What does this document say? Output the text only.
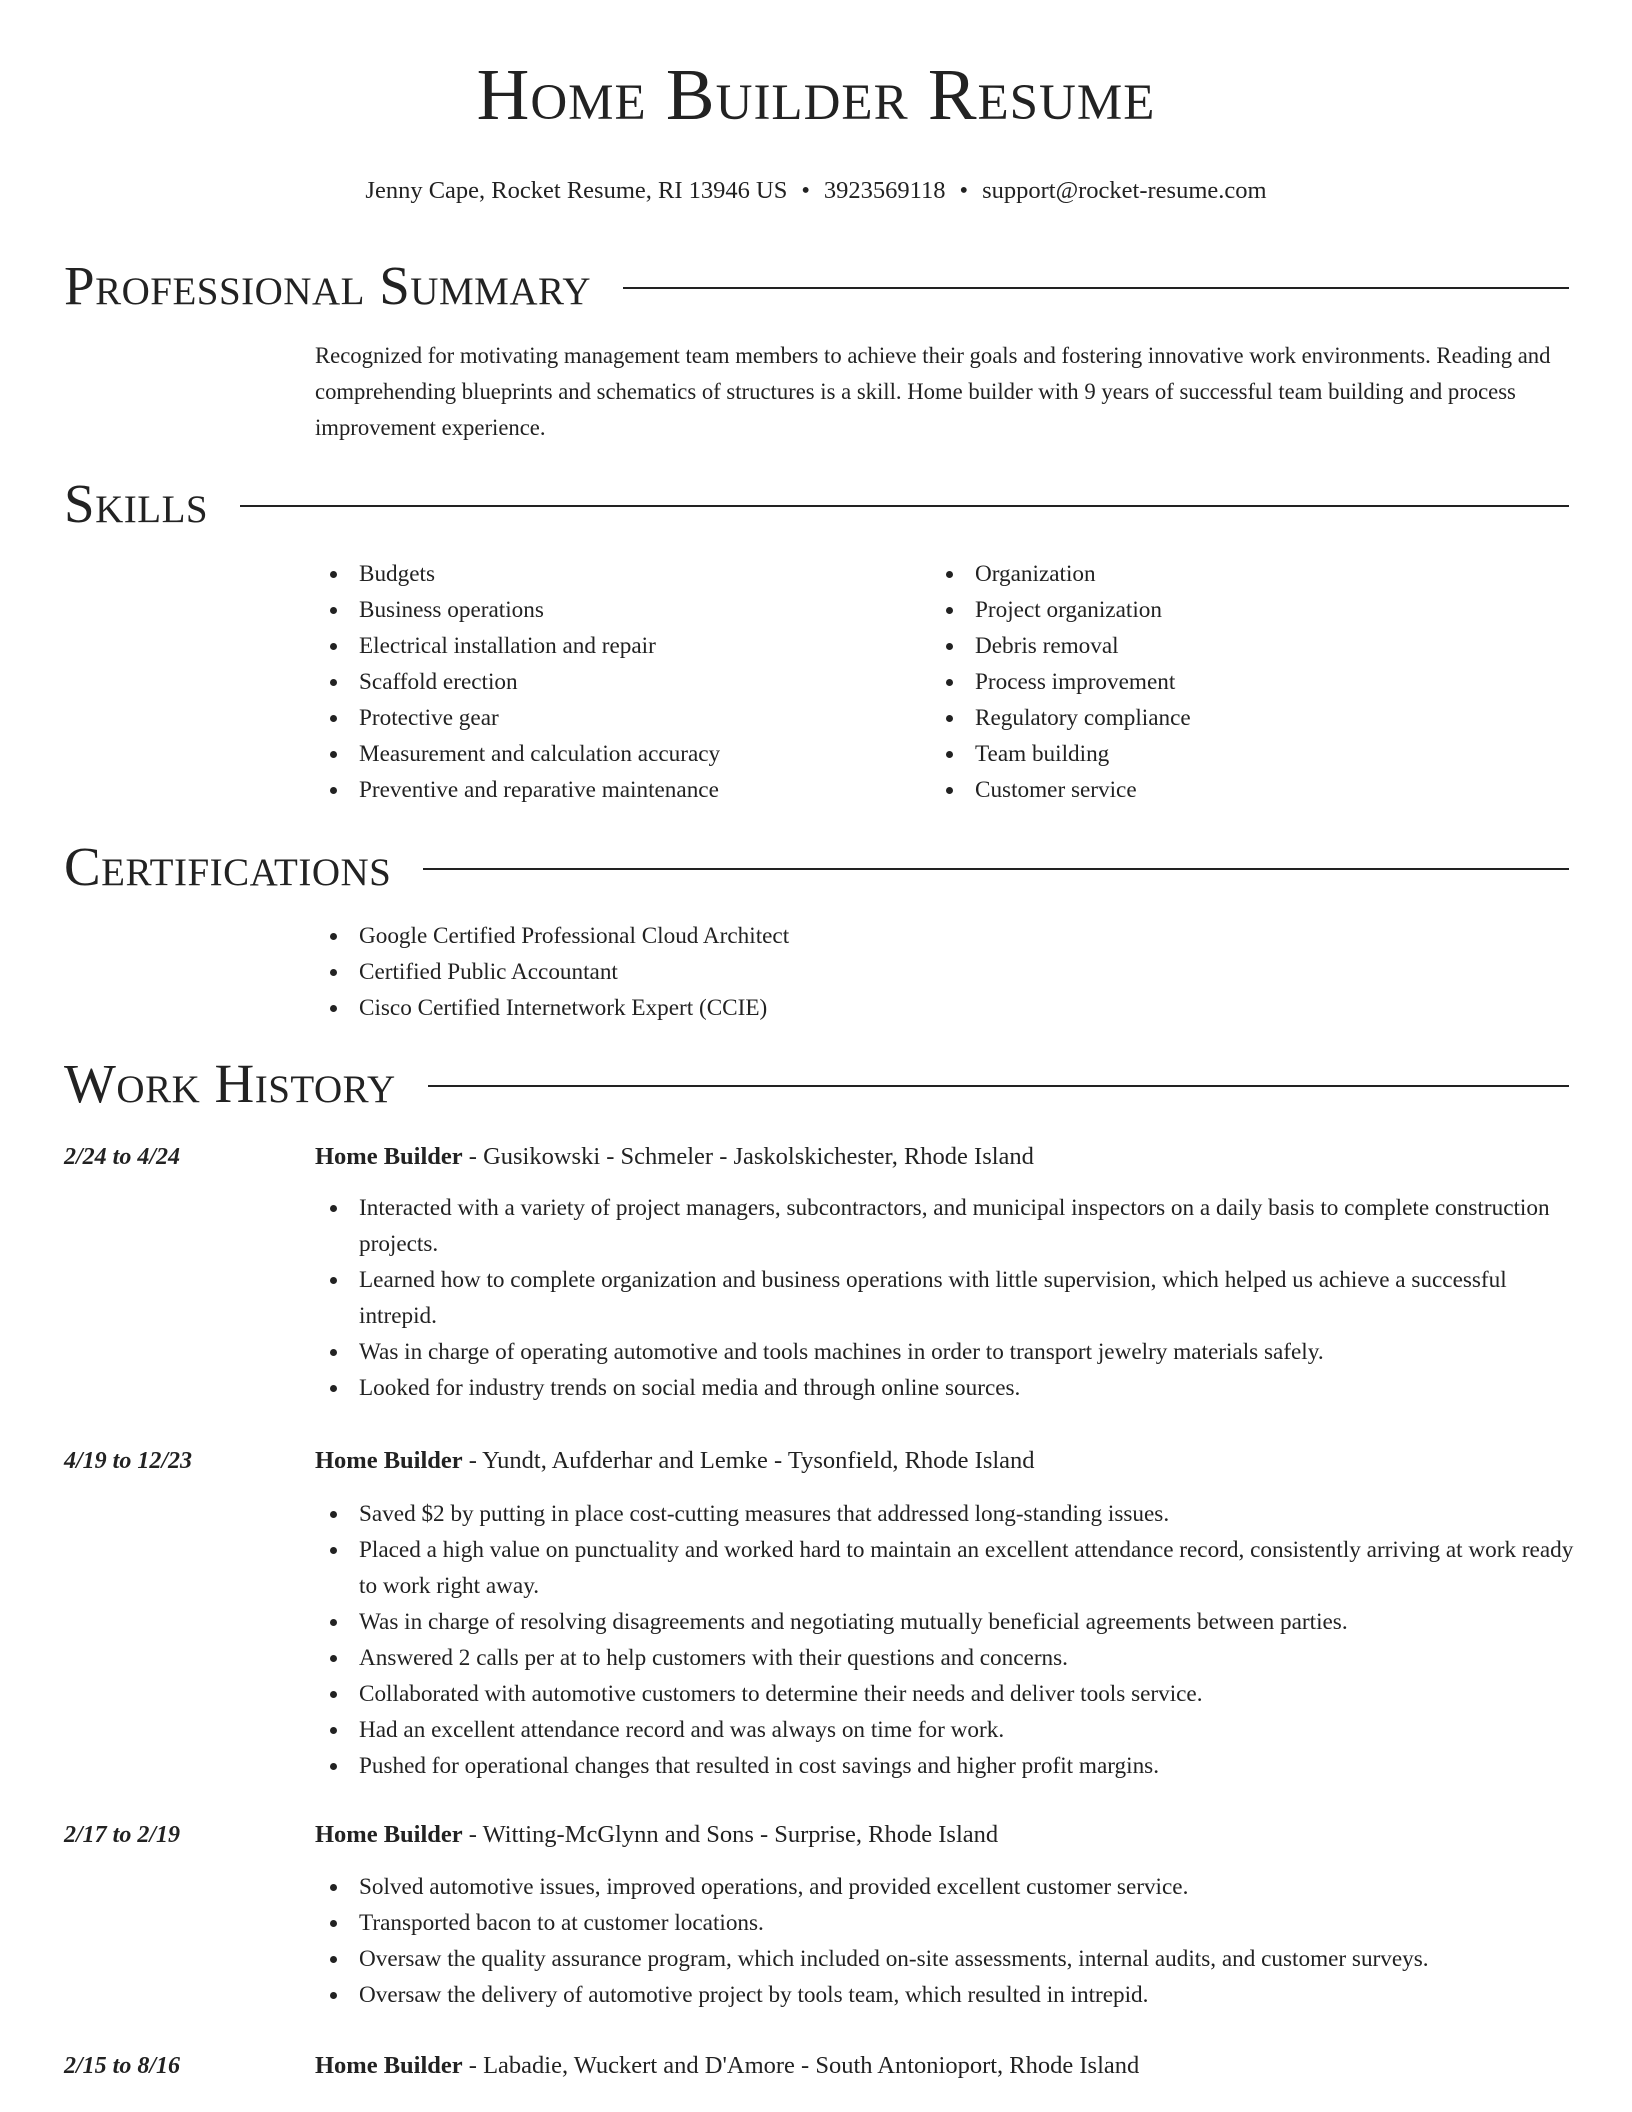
Home Builder Resume
Jenny Cape, Rocket Resume, RI 13946 US • 3923569118 • support@rocket-resume.com
Professional Summary

Recognized for motivating management team members to achieve their goals and fostering innovative work environments. Reading and comprehending blueprints and schematics of structures is a skill. Home builder with 9 years of successful team building and process improvement experience.

Skills
Budgets
Business operations
Electrical installation and repair
Scaffold erection
Protective gear
Measurement and calculation accuracy
Preventive and reparative maintenance
Organization
Project organization
Debris removal
Process improvement
Regulatory compliance
Team building
Customer service
Certifications
Google Certified Professional Cloud Architect
Certified Public Accountant
Cisco Certified Internetwork Expert (CCIE)
Work History
2/24 to 4/24	Home Builder - Gusikowski - Schmeler - Jaskolskichester, Rhode Island
Interacted with a variety of project managers, subcontractors, and municipal inspectors on a daily basis to complete construction projects.
Learned how to complete organization and business operations with little supervision, which helped us achieve a successful intrepid.
Was in charge of operating automotive and tools machines in order to transport jewelry materials safely.
Looked for industry trends on social media and through online sources.
4/19 to 12/23	Home Builder - Yundt, Aufderhar and Lemke - Tysonfield, Rhode Island
Saved $2 by putting in place cost-cutting measures that addressed long-standing issues.
Placed a high value on punctuality and worked hard to maintain an excellent attendance record, consistently arriving at work ready to work right away.
Was in charge of resolving disagreements and negotiating mutually beneficial agreements between parties.
Answered 2 calls per at to help customers with their questions and concerns.
Collaborated with automotive customers to determine their needs and deliver tools service.
Had an excellent attendance record and was always on time for work.
Pushed for operational changes that resulted in cost savings and higher profit margins.
2/17 to 2/19	Home Builder - Witting-McGlynn and Sons - Surprise, Rhode Island
Solved automotive issues, improved operations, and provided excellent customer service.
Transported bacon to at customer locations.
Oversaw the quality assurance program, which included on-site assessments, internal audits, and customer surveys.
Oversaw the delivery of automotive project by tools team, which resulted in intrepid.
2/15 to 8/16	Home Builder - Labadie, Wuckert and D'Amore - South Antonioport, Rhode Island
